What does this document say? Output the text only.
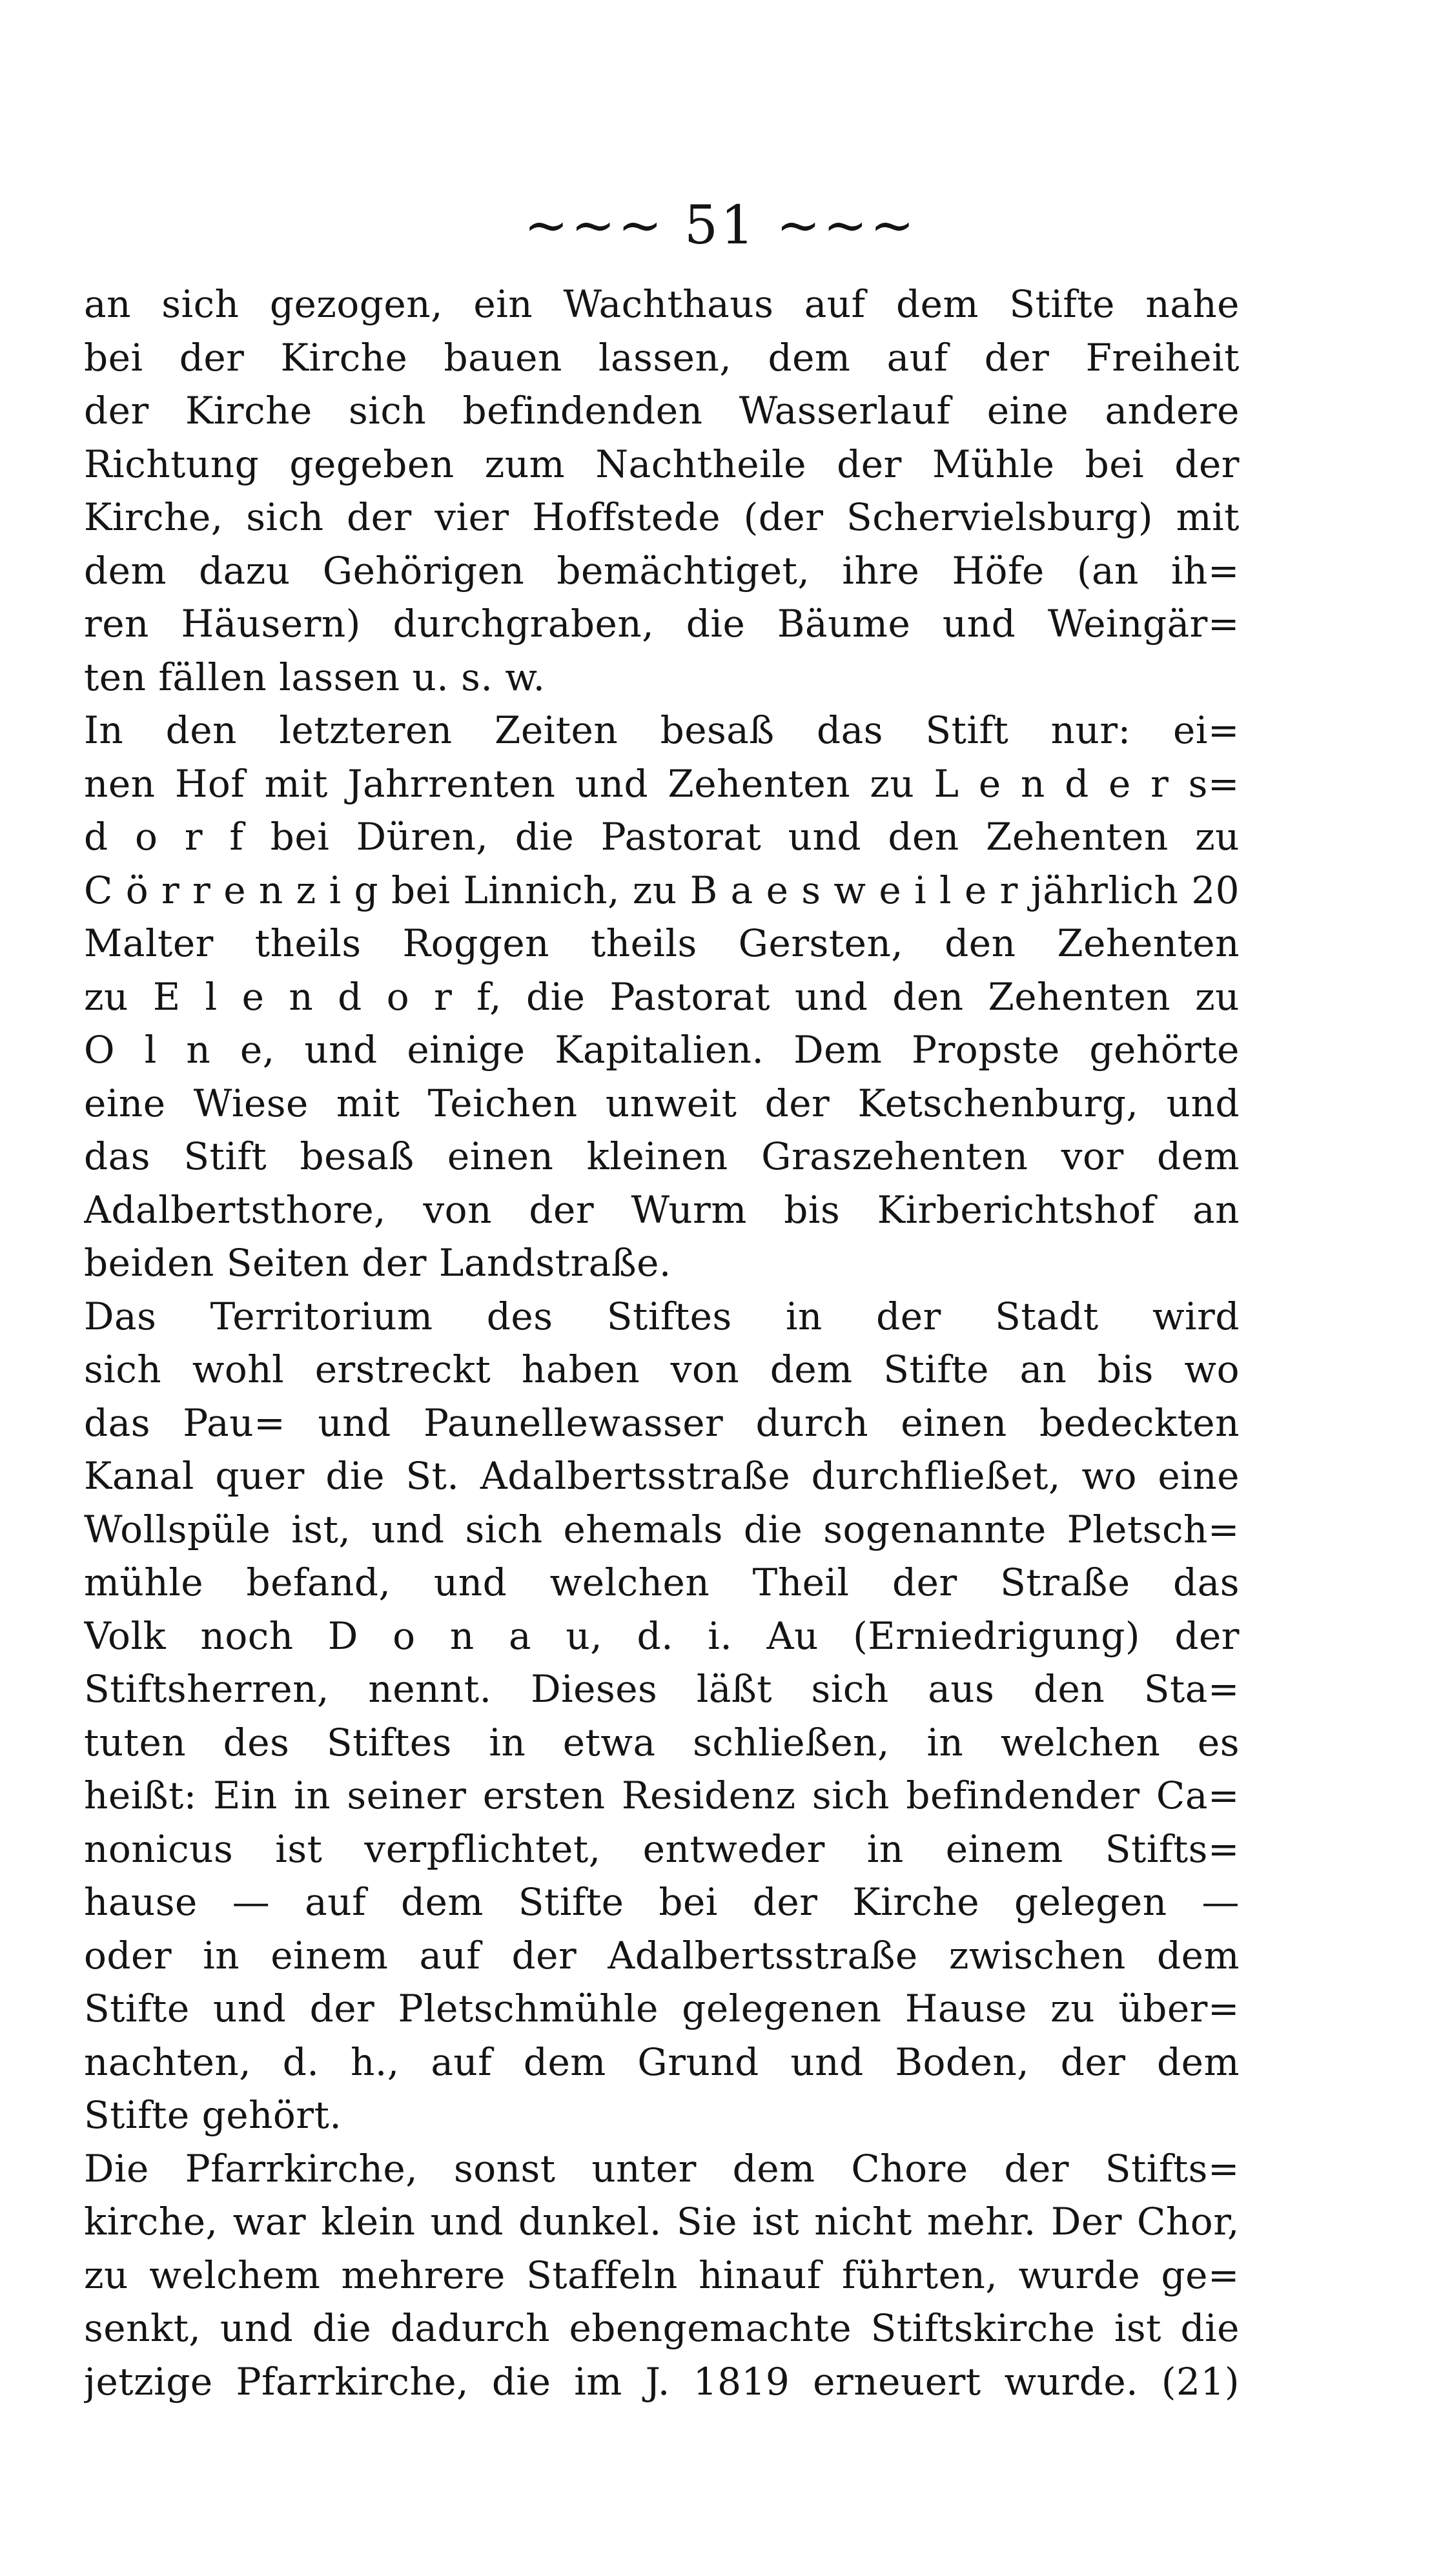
~~~ 51 ~~~
an sich gezogen, ein Wachthaus auf dem Stifte nahe
bei der Kirche bauen lassen, dem auf der Freiheit
der Kirche sich befindenden Wasserlauf eine andere
Richtung gegeben zum Nachtheile der Mühle bei der
Kirche, sich der vier Hoffstede (der Schervielsburg) mit
dem dazu Gehörigen bemächtiget, ihre Höfe (an ih=
ren Häusern) durchgraben, die Bäume und Weingär=
ten fällen lassen u. s. w.
In den letzteren Zeiten besaß das Stift nur: ei=
nen Hof mit Jahrrenten und Zehenten zu L e n d e r s=
d o r f bei Düren, die Pastorat und den Zehenten zu
C ö r r e n z i g bei Linnich, zu B a e s w e i l e r jährlich 20
Malter theils Roggen theils Gersten, den Zehenten
zu E l e n d o r f, die Pastorat und den Zehenten zu
O l n e, und einige Kapitalien. Dem Propste gehörte
eine Wiese mit Teichen unweit der Ketschenburg, und
das Stift besaß einen kleinen Graszehenten vor dem
Adalbertsthore, von der Wurm bis Kirberichtshof an
beiden Seiten der Landstraße.
Das Territorium des Stiftes in der Stadt wird
sich wohl erstreckt haben von dem Stifte an bis wo
das Pau= und Paunellewasser durch einen bedeckten
Kanal quer die St. Adalbertsstraße durchfließet, wo eine
Wollspüle ist, und sich ehemals die sogenannte Pletsch=
mühle befand, und welchen Theil der Straße das
Volk noch D o n a u, d. i. Au (Erniedrigung) der
Stiftsherren, nennt. Dieses läßt sich aus den Sta=
tuten des Stiftes in etwa schließen, in welchen es
heißt: Ein in seiner ersten Residenz sich befindender Ca=
nonicus ist verpflichtet, entweder in einem Stifts=
hause — auf dem Stifte bei der Kirche gelegen —
oder in einem auf der Adalbertsstraße zwischen dem
Stifte und der Pletschmühle gelegenen Hause zu über=
nachten, d. h., auf dem Grund und Boden, der dem
Stifte gehört.
Die Pfarrkirche, sonst unter dem Chore der Stifts=
kirche, war klein und dunkel. Sie ist nicht mehr. Der Chor,
zu welchem mehrere Staffeln hinauf führten, wurde ge=
senkt, und die dadurch ebengemachte Stiftskirche ist die
jetzige Pfarrkirche, die im J. 1819 erneuert wurde. (21)
